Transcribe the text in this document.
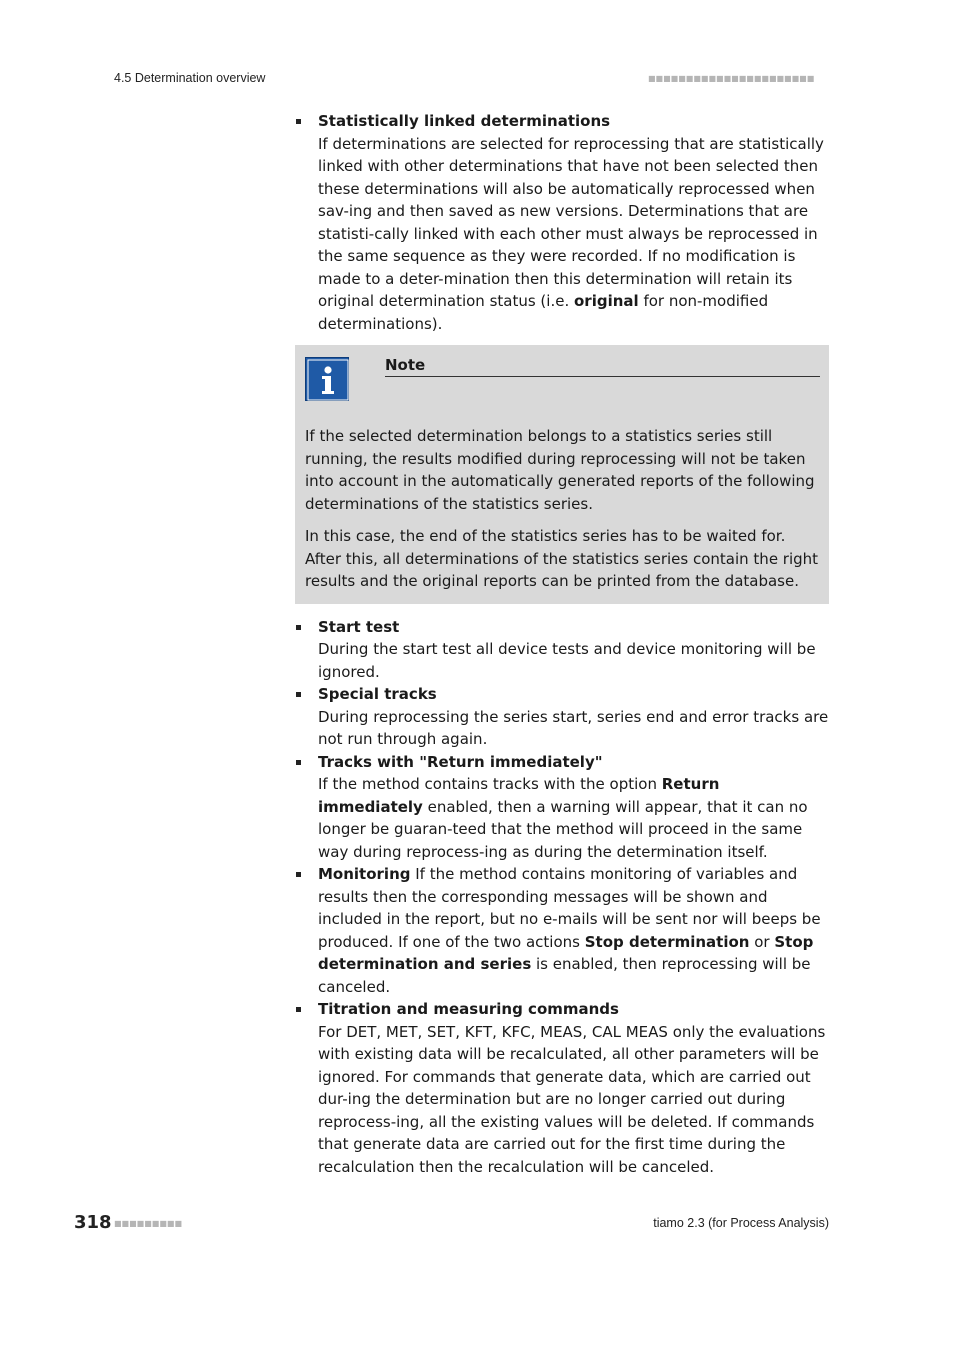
4.5 Determination overview	■■■■■■■■■■■■■■■■■■■■■■
Statistically linked determinations
If determinations are selected for reprocessing that are statistically linked with other determinations that have not been selected then these determinations will also be automatically reprocessed when sav-ing and then saved as new versions. Determinations that are statisti-cally linked with each other must always be reprocessed in the same sequence as they were recorded. If no modification is made to a deter-mination then this determination will retain its original determination status (i.e. original for non-modified determinations).
Note

If the selected determination belongs to a statistics series still running, the results modified during reprocessing will not be taken into account in the automatically generated reports of the following determinations of the statistics series.

In this case, the end of the statistics series has to be waited for. After this, all determinations of the statistics series contain the right results and the original reports can be printed from the database.

Start test
During the start test all device tests and device monitoring will be ignored.
Special tracks
During reprocessing the series start, series end and error tracks are not run through again.
Tracks with "Return immediately"
If the method contains tracks with the option Return immediately enabled, then a warning will appear, that it can no longer be guaran-teed that the method will proceed in the same way during reprocess-ing as during the determination itself.
Monitoring If the method contains monitoring of variables and results then the corresponding messages will be shown and included in the report, but no e-mails will be sent nor will beeps be produced. If one of the two actions Stop determination or Stop determination and series is enabled, then reprocessing will be canceled.
Titration and measuring commands
For DET, MET, SET, KFT, KFC, MEAS, CAL MEAS only the evaluations with existing data will be recalculated, all other parameters will be ignored. For commands that generate data, which are carried out dur-ing the determination but are no longer carried out during reprocess-ing, all the existing values will be deleted. If commands that generate data are carried out for the first time during the recalculation then the recalculation will be canceled.
318 ■■■■■■■■■	tiamo 2.3 (for Process Analysis)
